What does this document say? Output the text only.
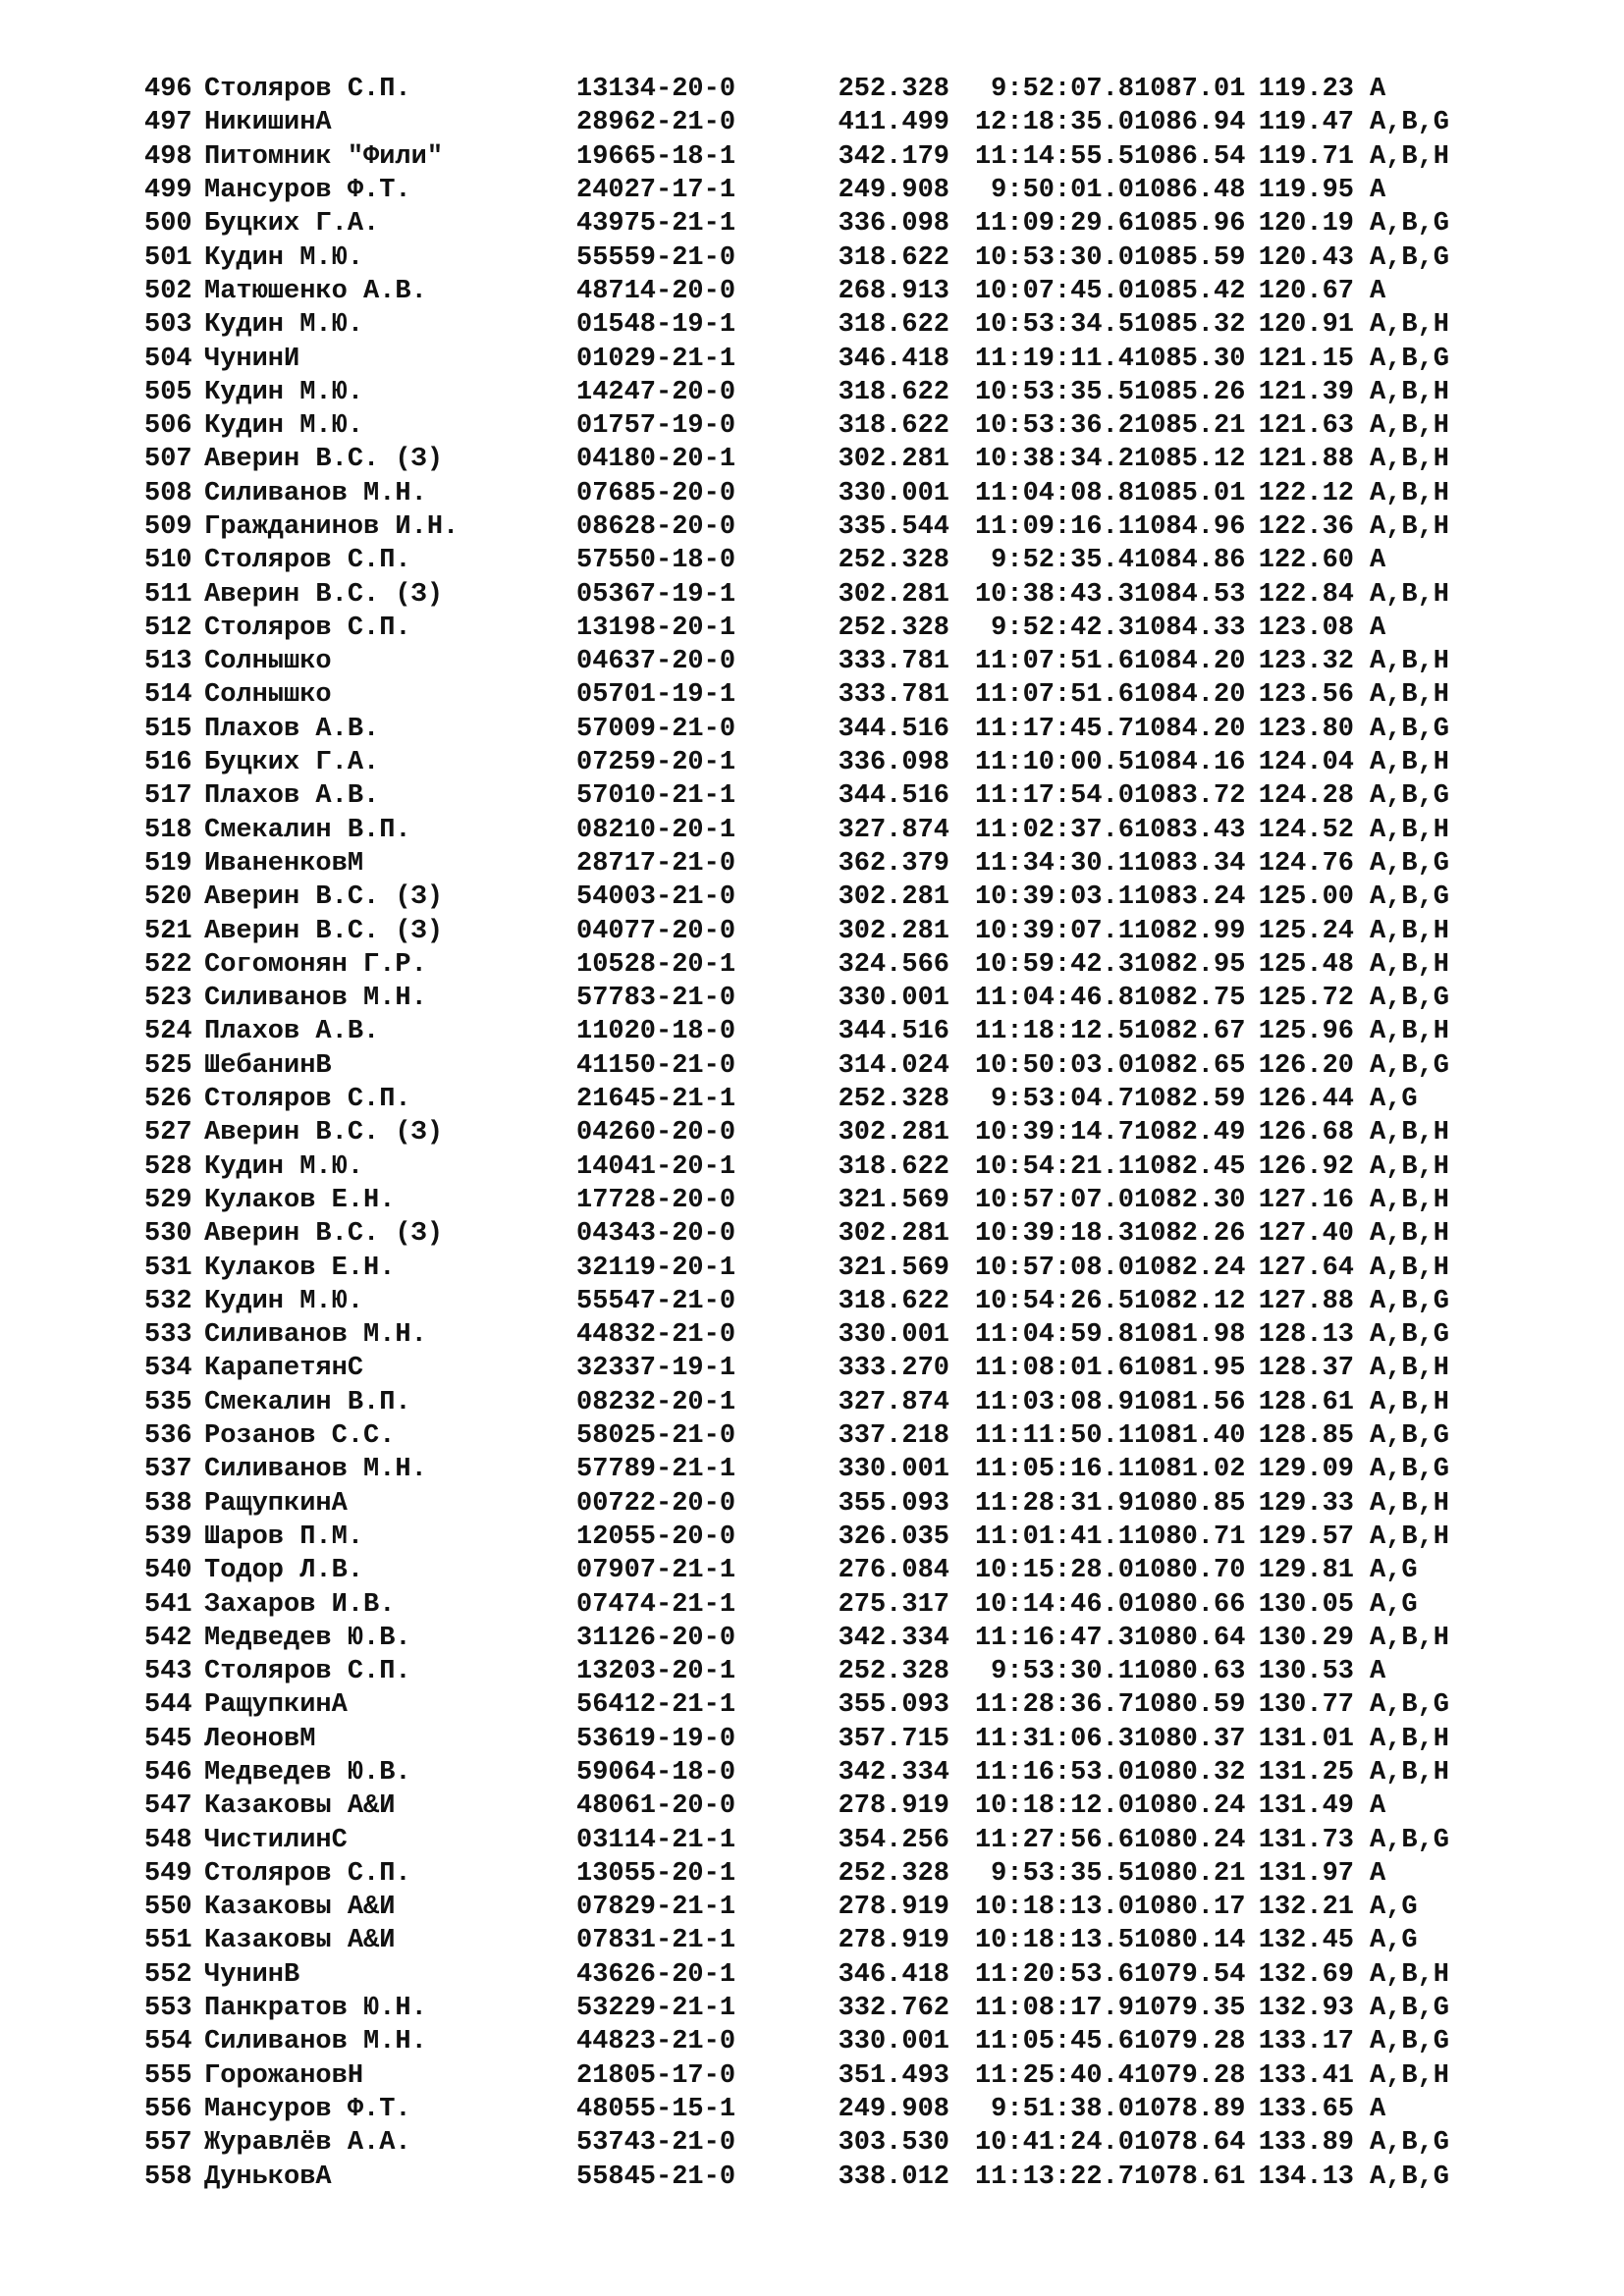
496 Столяров С.П.	13134-20-0	252.328	9:52:07.8 1087.01 119.23 A
497 НикишинА	28962-21-0	411.499 12:18:35.0 1086.94 119.47 A,B,G
498 Питомник "Фили"	19665-18-1	342.179 11:14:55.5 1086.54 119.71 A,B,H
499 Мансуров Ф.Т.	24027-17-1	249.908	9:50:01.0 1086.48 119.95 A
500 Буцких Г.А.	43975-21-1	336.098 11:09:29.6 1085.96 120.19 A,B,G
501 Кудин М.Ю.	55559-21-0	318.622 10:53:30.0 1085.59 120.43 A,B,G
502 Матюшенко А.В.	48714-20-0	268.913 10:07:45.0 1085.42 120.67 A
503 Кудин М.Ю.	01548-19-1	318.622 10:53:34.5 1085.32 120.91 A,B,H
504 ЧунинИ	01029-21-1	346.418 11:19:11.4 1085.30 121.15 A,B,G
505 Кудин М.Ю.	14247-20-0	318.622 10:53:35.5 1085.26 121.39 A,B,H
506 Кудин М.Ю.	01757-19-0	318.622 10:53:36.2 1085.21 121.63 A,B,H
507 Аверин В.С. (З)	04180-20-1	302.281 10:38:34.2 1085.12 121.88 A,B,H
508 Силиванов М.Н.	07685-20-0	330.001 11:04:08.8 1085.01 122.12 A,B,H
509 Гражданинов И.Н.	08628-20-0	335.544 11:09:16.1 1084.96 122.36 A,B,H
510 Столяров С.П.	57550-18-0	252.328	9:52:35.4 1084.86 122.60 A
511 Аверин В.С. (З)	05367-19-1	302.281 10:38:43.3 1084.53 122.84 A,B,H
512 Столяров С.П.	13198-20-1	252.328	9:52:42.3 1084.33 123.08 A
513 Солнышко	04637-20-0	333.781 11:07:51.6 1084.20 123.32 A,B,H
514 Солнышко	05701-19-1	333.781 11:07:51.6 1084.20 123.56 A,B,H
515 Плахов А.В.	57009-21-0	344.516 11:17:45.7 1084.20 123.80 A,B,G
516 Буцких Г.А.	07259-20-1	336.098 11:10:00.5 1084.16 124.04 A,B,H
517 Плахов А.В.	57010-21-1	344.516 11:17:54.0 1083.72 124.28 A,B,G
518 Смекалин В.П.	08210-20-1	327.874 11:02:37.6 1083.43 124.52 A,B,H
519 ИваненковМ	28717-21-0	362.379 11:34:30.1 1083.34 124.76 A,B,G
520 Аверин В.С. (З)	54003-21-0	302.281 10:39:03.1 1083.24 125.00 A,B,G
521 Аверин В.С. (З)	04077-20-0	302.281 10:39:07.1 1082.99 125.24 A,B,H
522 Согомонян Г.Р.	10528-20-1	324.566 10:59:42.3 1082.95 125.48 A,B,H
523 Силиванов М.Н.	57783-21-0	330.001 11:04:46.8 1082.75 125.72 A,B,G
524 Плахов А.В.	11020-18-0	344.516 11:18:12.5 1082.67 125.96 A,B,H
525 ШебанинВ	41150-21-0	314.024 10:50:03.0 1082.65 126.20 A,B,G
526 Столяров С.П.	21645-21-1	252.328	9:53:04.7 1082.59 126.44 A,G
527 Аверин В.С. (З)	04260-20-0	302.281 10:39:14.7 1082.49 126.68 A,B,H
528 Кудин М.Ю.	14041-20-1	318.622 10:54:21.1 1082.45 126.92 A,B,H
529 Кулаков Е.Н.	17728-20-0	321.569 10:57:07.0 1082.30 127.16 A,B,H
530 Аверин В.С. (З)	04343-20-0	302.281 10:39:18.3 1082.26 127.40 A,B,H
531 Кулаков Е.Н.	32119-20-1	321.569 10:57:08.0 1082.24 127.64 A,B,H
532 Кудин М.Ю.	55547-21-0	318.622 10:54:26.5 1082.12 127.88 A,B,G
533 Силиванов М.Н.	44832-21-0	330.001 11:04:59.8 1081.98 128.13 A,B,G
534 КарапетянС	32337-19-1	333.270 11:08:01.6 1081.95 128.37 A,B,H
535 Смекалин В.П.	08232-20-1	327.874 11:03:08.9 1081.56 128.61 A,B,H
536 Розанов С.С.	58025-21-0	337.218 11:11:50.1 1081.40 128.85 A,B,G
537 Силиванов М.Н.	57789-21-1	330.001 11:05:16.1 1081.02 129.09 A,B,G
538 РащупкинА	00722-20-0	355.093 11:28:31.9 1080.85 129.33 A,B,H
539 Шаров П.М.	12055-20-0	326.035 11:01:41.1 1080.71 129.57 A,B,H
540 Тодор Л.В.	07907-21-1	276.084 10:15:28.0 1080.70 129.81 A,G
541 Захаров И.В.	07474-21-1	275.317 10:14:46.0 1080.66 130.05 A,G
542 Медведев Ю.В.	31126-20-0	342.334 11:16:47.3 1080.64 130.29 A,B,H
543 Столяров С.П.	13203-20-1	252.328	9:53:30.1 1080.63 130.53 A
544 РащупкинА	56412-21-1	355.093 11:28:36.7 1080.59 130.77 A,B,G
545 ЛеоновМ	53619-19-0	357.715 11:31:06.3 1080.37 131.01 A,B,H
546 Медведев Ю.В.	59064-18-0	342.334 11:16:53.0 1080.32 131.25 A,B,H
547 Казаковы А&И	48061-20-0	278.919 10:18:12.0 1080.24 131.49 A
548 ЧистилинС	03114-21-1	354.256 11:27:56.6 1080.24 131.73 A,B,G
549 Столяров С.П.	13055-20-1	252.328	9:53:35.5 1080.21 131.97 A
550 Казаковы А&И	07829-21-1	278.919 10:18:13.0 1080.17 132.21 A,G
551 Казаковы А&И	07831-21-1	278.919 10:18:13.5 1080.14 132.45 A,G
552 ЧунинВ	43626-20-1	346.418 11:20:53.6 1079.54 132.69 A,B,H
553 Панкратов Ю.Н.	53229-21-1	332.762 11:08:17.9 1079.35 132.93 A,B,G
554 Силиванов М.Н.	44823-21-0	330.001 11:05:45.6 1079.28 133.17 A,B,G
555 ГорожановН	21805-17-0	351.493 11:25:40.4 1079.28 133.41 A,B,H
556 Мансуров Ф.Т.	48055-15-1	249.908	9:51:38.0 1078.89 133.65 A
557 Журавлёв А.А.	53743-21-0	303.530 10:41:24.0 1078.64 133.89 A,B,G
558 ДуньковА	55845-21-0	338.012 11:13:22.7 1078.61 134.13 A,B,G
